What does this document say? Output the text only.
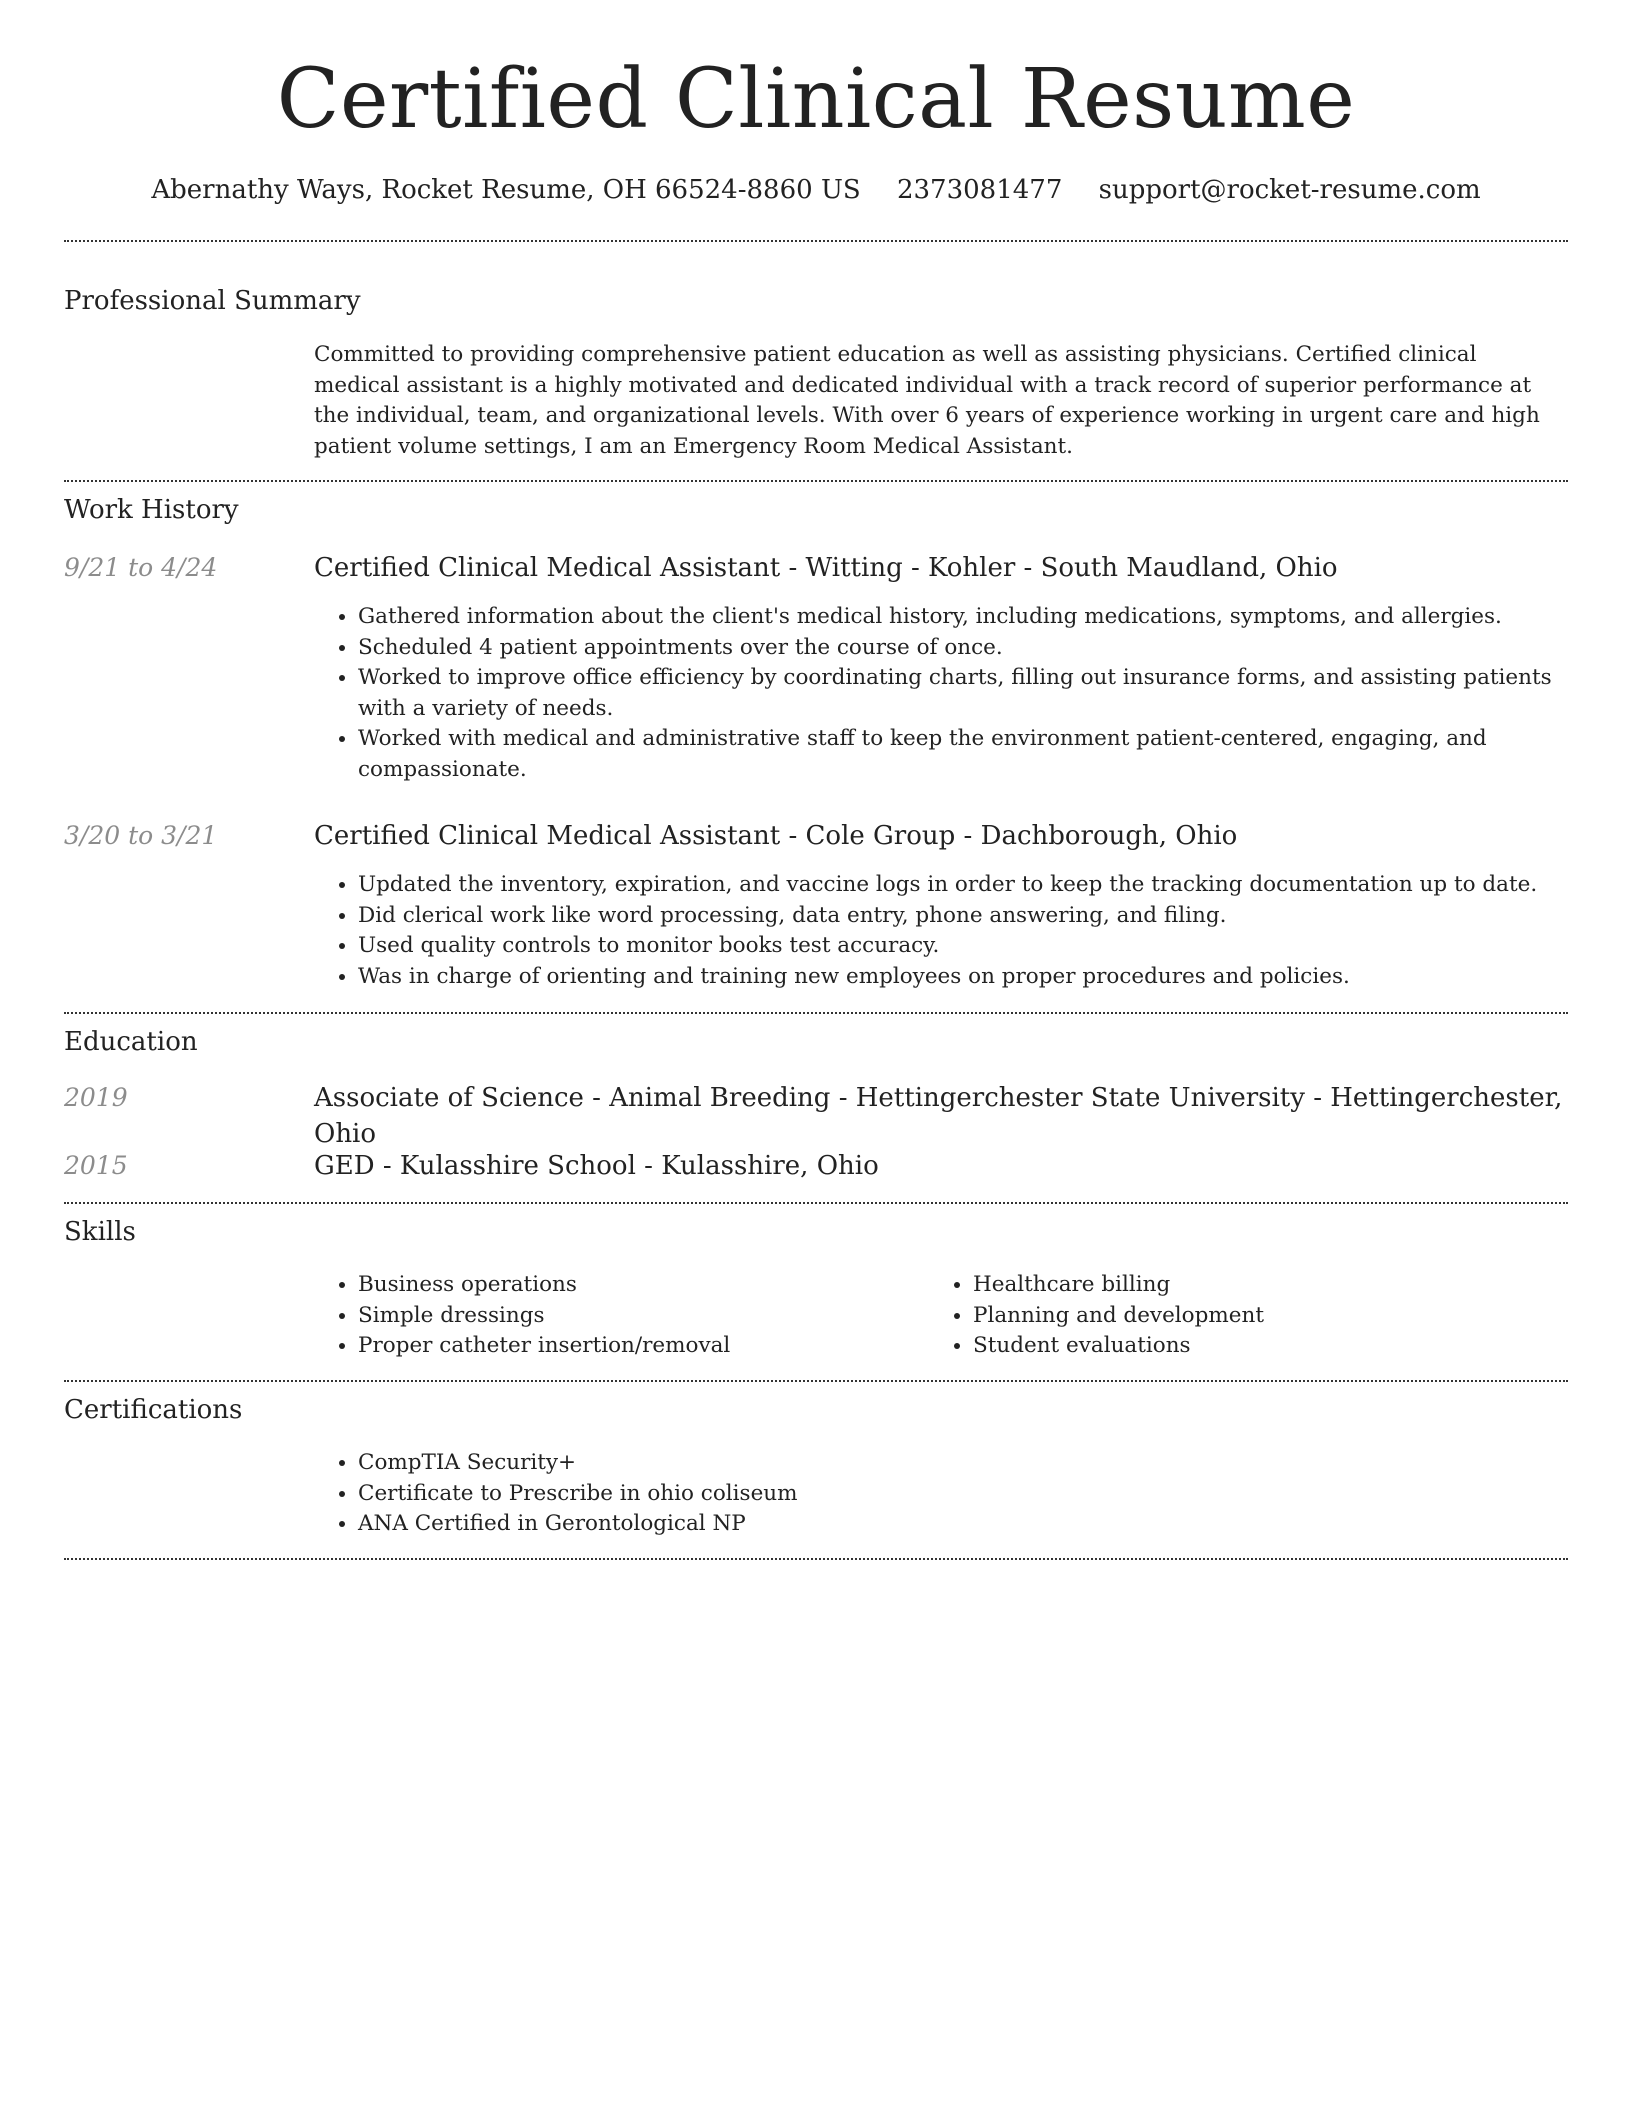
Certified Clinical Resume
Abernathy Ways, Rocket Resume, OH 66524-8860 US 2373081477 support@rocket-resume.com
Professional Summary

Committed to providing comprehensive patient education as well as assisting physicians. Certified clinical medical assistant is a highly motivated and dedicated individual with a track record of superior performance at the individual, team, and organizational levels. With over 6 years of experience working in urgent care and high patient volume settings, I am an Emergency Room Medical Assistant.

Work History
9/21 to 4/24	Certified Clinical Medical Assistant - Witting - Kohler - South Maudland, Ohio
• Gathered information about the client's medical history, including medications, symptoms, and allergies.
• Scheduled 4 patient appointments over the course of once.
• Worked to improve office efficiency by coordinating charts, filling out insurance forms, and assisting patients with a variety of needs.
• Worked with medical and administrative staff to keep the environment patient-centered, engaging, and compassionate.
3/20 to 3/21	Certified Clinical Medical Assistant - Cole Group - Dachborough, Ohio
• Updated the inventory, expiration, and vaccine logs in order to keep the tracking documentation up to date.
• Did clerical work like word processing, data entry, phone answering, and filing.
• Used quality controls to monitor books test accuracy.
• Was in charge of orienting and training new employees on proper procedures and policies.
Education
2019	Associate of Science - Animal Breeding - Hettingerchester State University - Hettingerchester, Ohio
2015	GED - Kulasshire School - Kulasshire, Ohio
Skills
• Business operations
• Simple dressings
• Proper catheter insertion/removal
• Healthcare billing
• Planning and development
• Student evaluations
Certifications
• CompTIA Security+
• Certificate to Prescribe in ohio coliseum
• ANA Certified in Gerontological NP
